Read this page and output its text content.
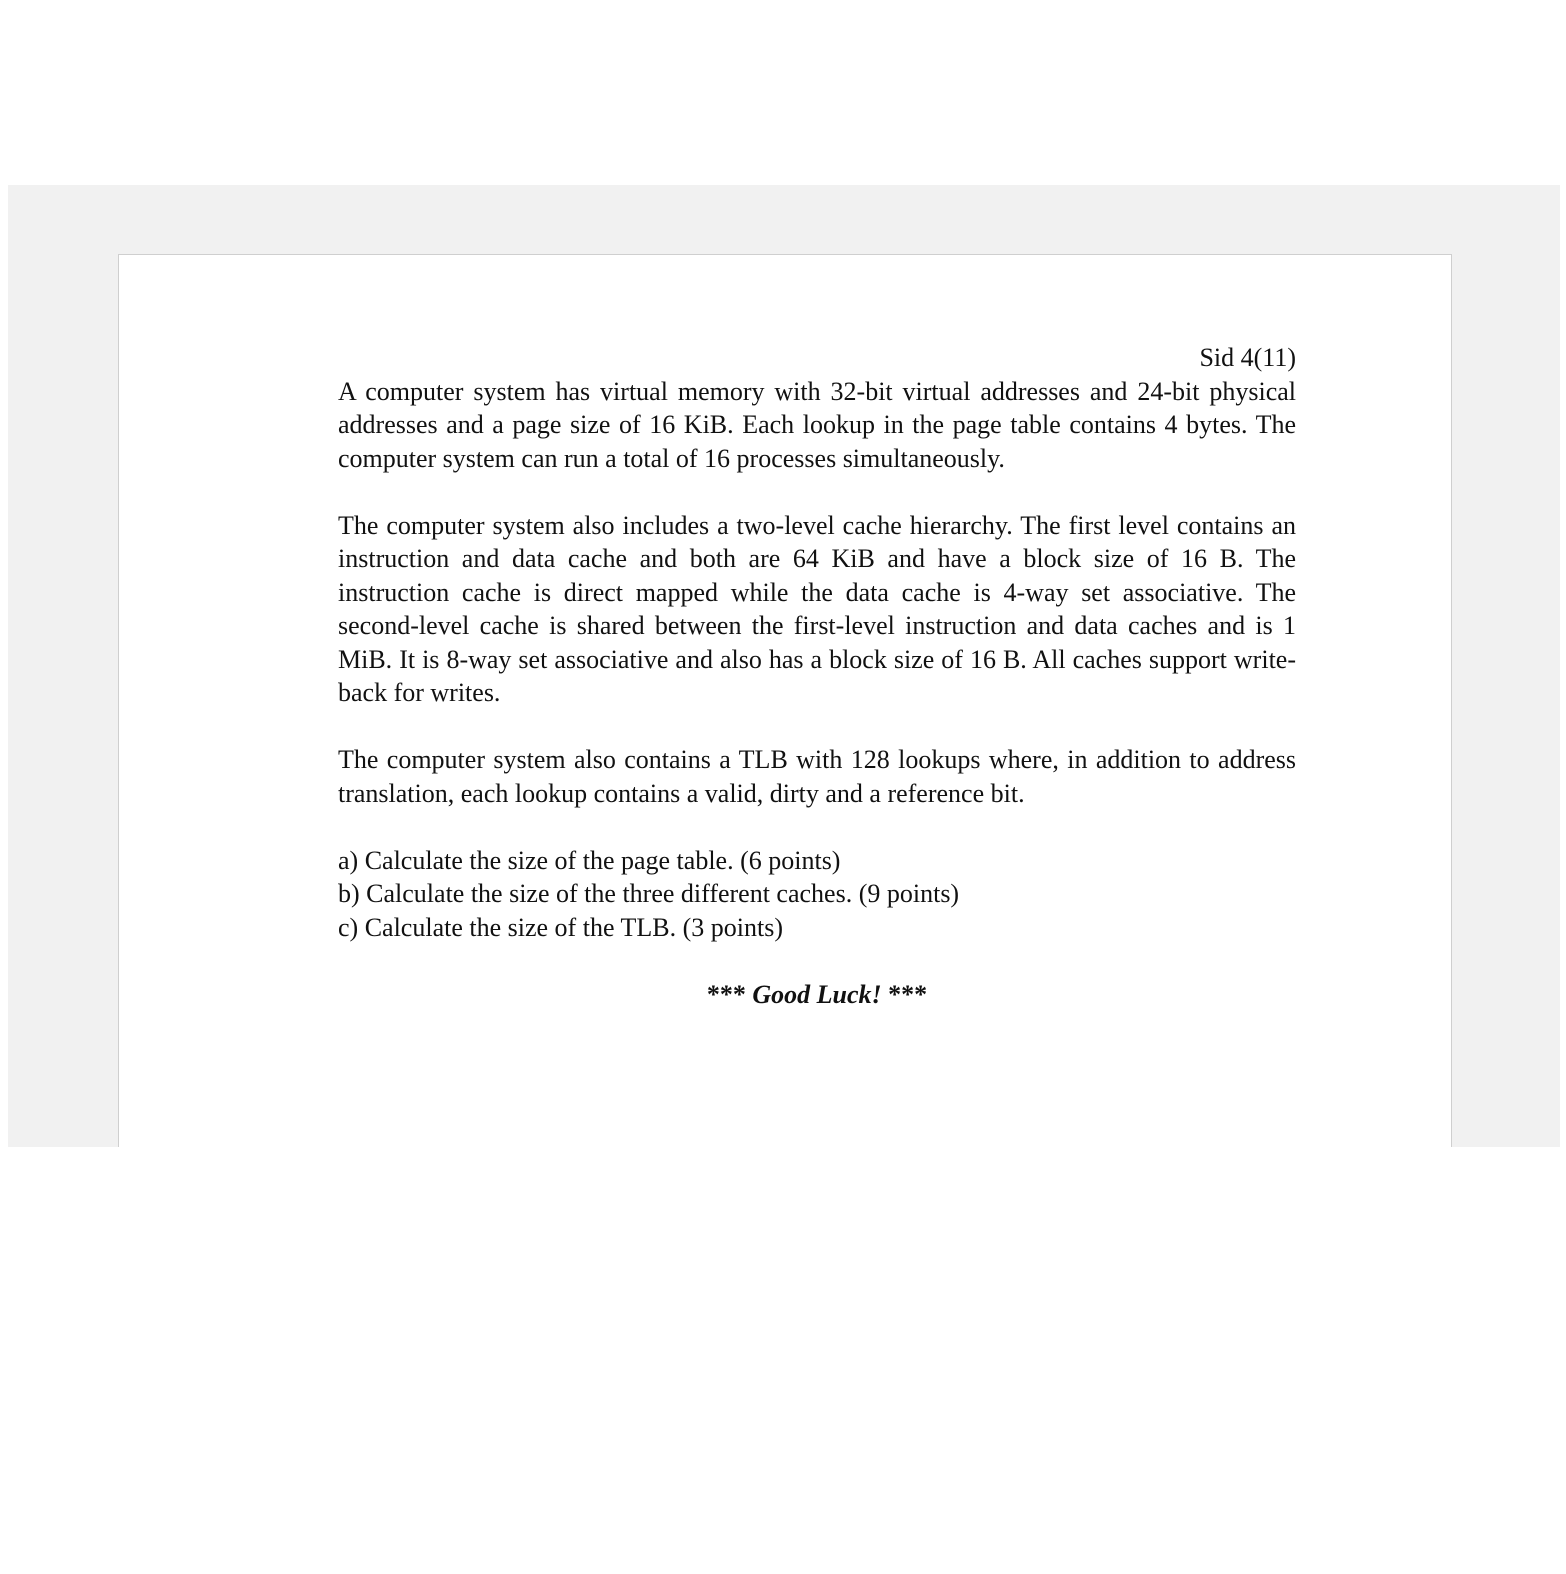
Sid 4(11)

A computer system has virtual memory with 32-bit virtual addresses and 24-bit physical addresses and a page size of 16 KiB. Each lookup in the page table contains 4 bytes. The computer system can run a total of 16 processes simultaneously.

The computer system also includes a two-level cache hierarchy. The first level contains an instruction and data cache and both are 64 KiB and have a block size of 16 B. The instruction cache is direct mapped while the data cache is 4-way set associative. The second-level cache is shared between the first-level instruction and data caches and is 1 MiB. It is 8-way set associative and also has a block size of 16 B. All caches support write-back for writes.

The computer system also contains a TLB with 128 lookups where, in addition to address translation, each lookup contains a valid, dirty and a reference bit.

a) Calculate the size of the page table. (6 points)
b) Calculate the size of the three different caches. (9 points)
c) Calculate the size of the TLB. (3 points)

*** Good Luck! ***
